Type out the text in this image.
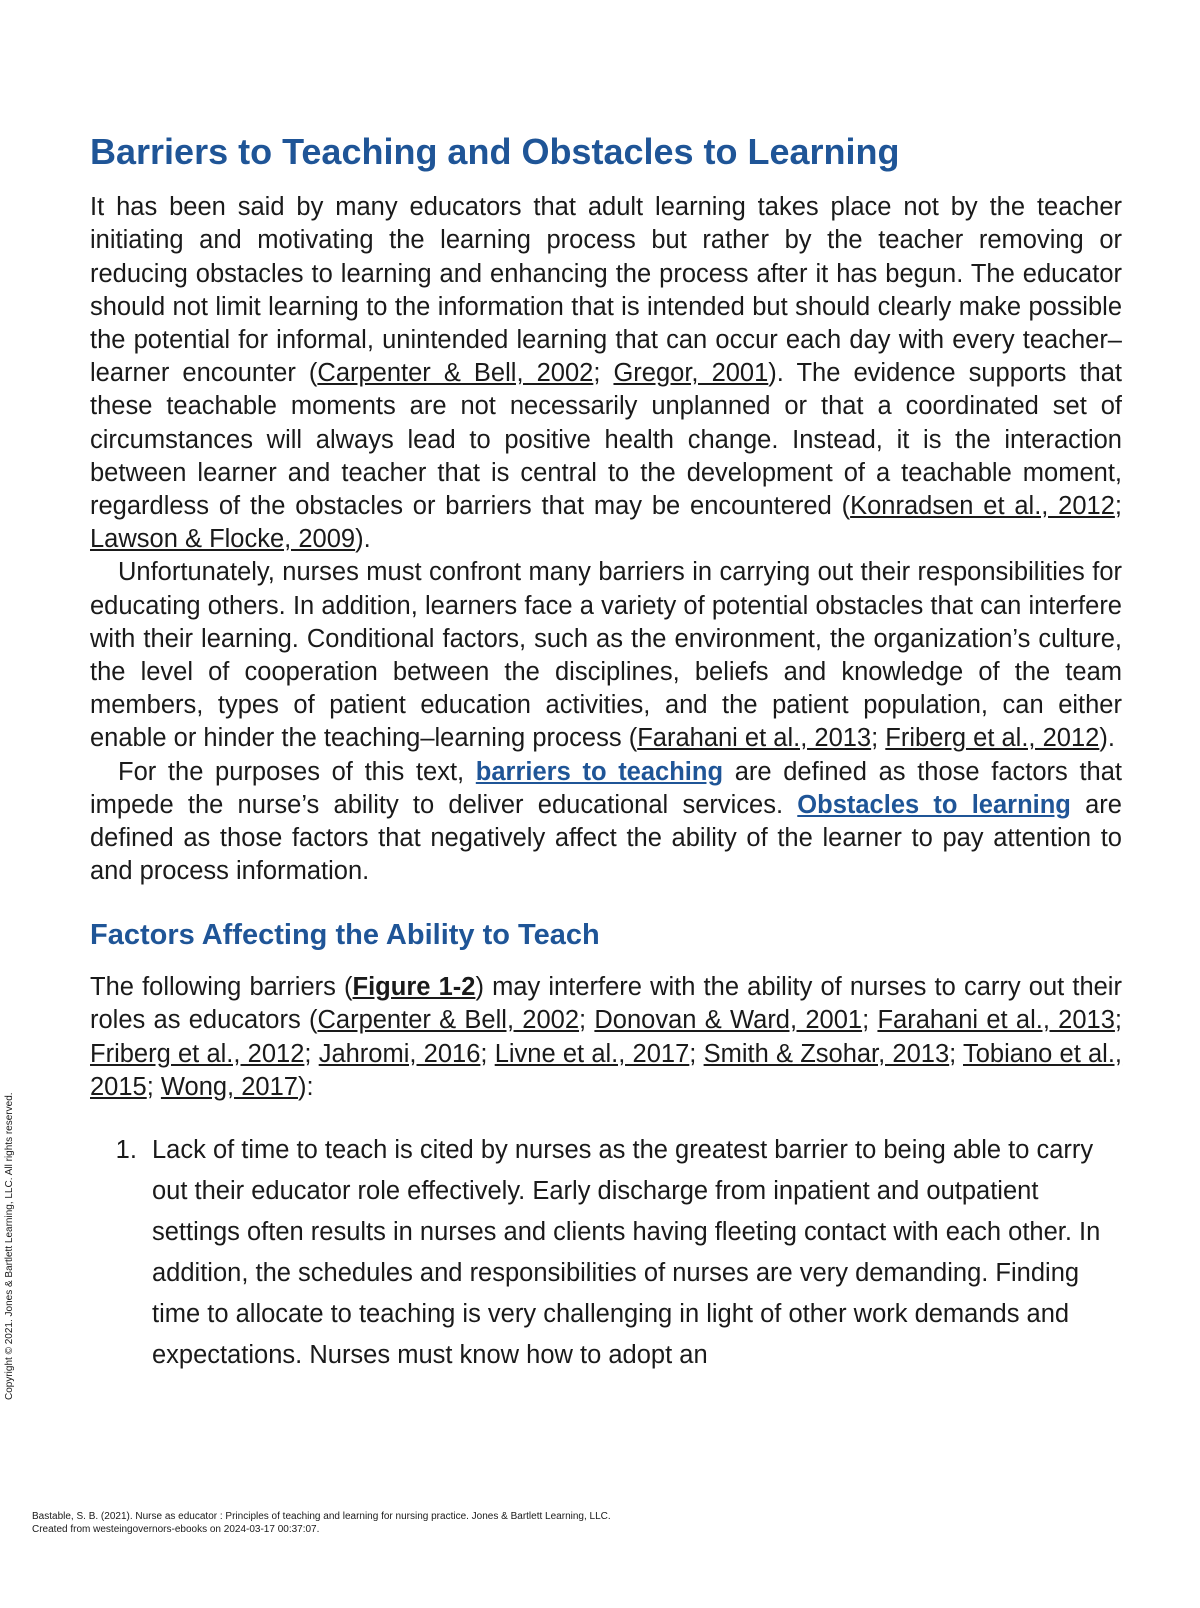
Barriers to Teaching and Obstacles to Learning

It has been said by many educators that adult learning takes place not by the teacher initiating and motivating the learning process but rather by the teacher removing or reducing obstacles to learning and enhancing the process after it has begun. The educator should not limit learning to the information that is intended but should clearly make possible the potential for informal, unintended learning that can occur each day with every teacher–learner encounter (Carpenter & Bell, 2002; Gregor, 2001). The evidence supports that these teachable moments are not necessarily unplanned or that a coordinated set of circumstances will always lead to positive health change. Instead, it is the interaction between learner and teacher that is central to the development of a teachable moment, regardless of the obstacles or barriers that may be encountered (Konradsen et al., 2012; Lawson & Flocke, 2009).

Unfortunately, nurses must confront many barriers in carrying out their responsibilities for educating others. In addition, learners face a variety of potential obstacles that can interfere with their learning. Conditional factors, such as the environment, the organization’s culture, the level of cooperation between the disciplines, beliefs and knowledge of the team members, types of patient education activities, and the patient population, can either enable or hinder the teaching–learning process (Farahani et al., 2013; Friberg et al., 2012).

For the purposes of this text, barriers to teaching are defined as those factors that impede the nurse’s ability to deliver educational services. Obstacles to learning are defined as those factors that negatively affect the ability of the learner to pay attention to and process information.

Factors Affecting the Ability to Teach

The following barriers (Figure 1-2) may interfere with the ability of nurses to carry out their roles as educators (Carpenter & Bell, 2002; Donovan & Ward, 2001; Farahani et al., 2013; Friberg et al., 2012; Jahromi, 2016; Livne et al., 2017; Smith & Zsohar, 2013; Tobiano et al., 2015; Wong, 2017):

1. Lack of time to teach is cited by nurses as the greatest barrier to being able to carry out their educator role effectively. Early discharge from inpatient and outpatient settings often results in nurses and clients having fleeting contact with each other. In addition, the schedules and responsibilities of nurses are very demanding. Finding time to allocate to teaching is very challenging in light of other work demands and expectations. Nurses must know how to adopt an
Copyright © 2021. Jones & Bartlett Learning, LLC. All rights reserved.
Bastable, S. B. (2021). Nurse as educator : Principles of teaching and learning for nursing practice. Jones & Bartlett Learning, LLC.
Created from westeingovernors-ebooks on 2024-03-17 00:37:07.
